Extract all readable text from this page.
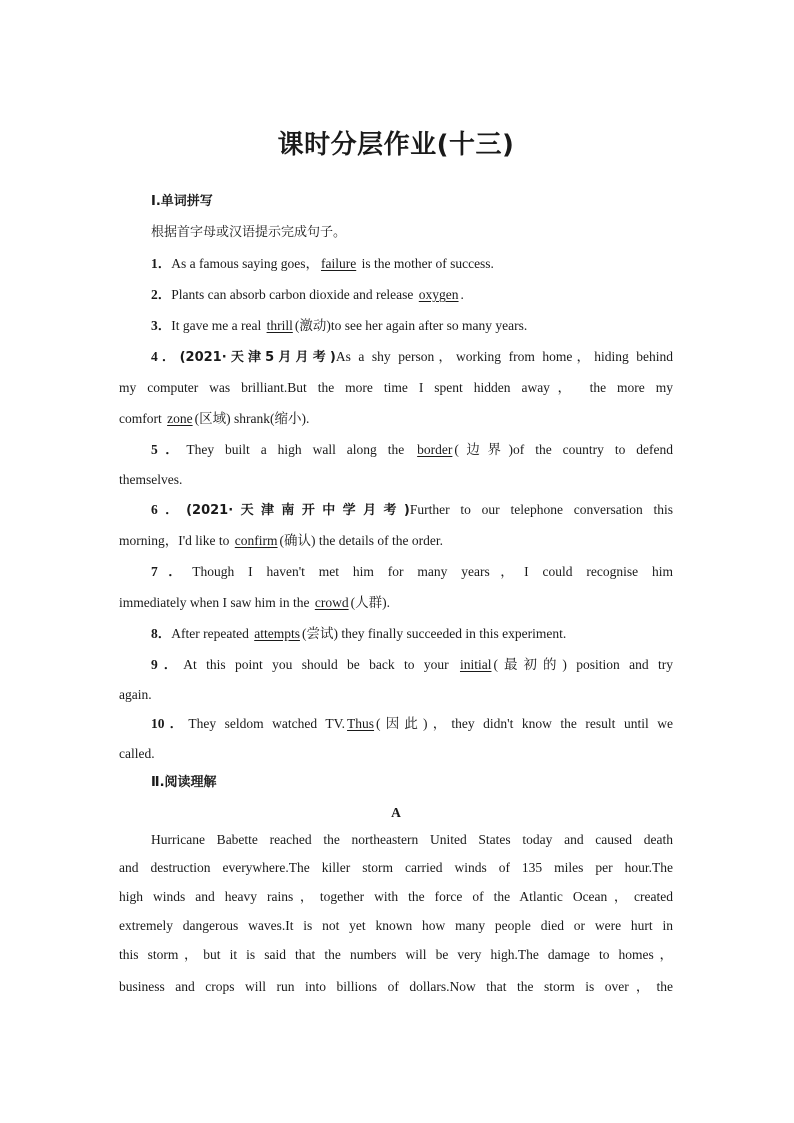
课时分层作业(十三)
Ⅰ.单词拼写
根据首字母或汉语提示完成句子。
1．As a famous saying goes， failure is the mother of success.
2．Plants can absorb carbon dioxide and release oxygen .
3．It gave me a real thrill (激动)to see her again after so many years.
4．(2021·天津5月月考)As a shy person，working from home，hiding behind
my computer was brilliant.But the more time I spent hidden away， the more my
comfort zone (区域) shrank(缩小).
5．They built a high wall along the border (边界)of the country to defend
themselves.
6．(2021·天津南开中学月考)Further to our telephone conversation this
morning，I'd like to confirm (确认) the details of the order.
7．Though I haven't met him for many years，I could recognise him
immediately when I saw him in the crowd (人群).
8．After repeated attempts (尝试) they finally succeeded in this experiment.
9．At this point you should be back to your initial (最初的) position and try
again.
10．They seldom watched TV. Thus (因此)，they didn't know the result until we
called.
Ⅱ.阅读理解
A
Hurricane Babette reached the northeastern United States today and caused death
and destruction everywhere.The killer storm carried winds of 135 miles per hour.The
high winds and heavy rains，together with the force of the Atlantic Ocean，created
extremely dangerous waves.It is not yet known how many people died or were hurt in
this storm，but it is said that the numbers will be very high.The damage to homes，
business and crops will run into billions of dollars.Now that the storm is over，the
